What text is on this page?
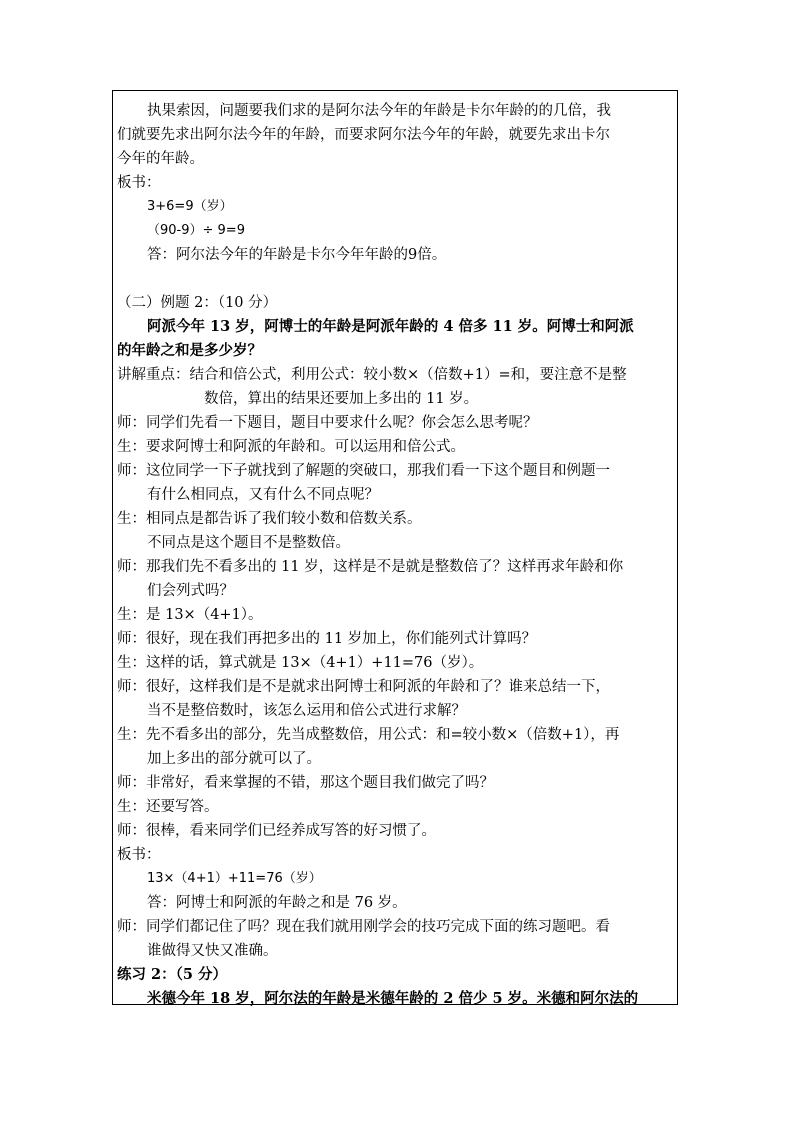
执果索因，问题要我们求的是阿尔法今年的年龄是卡尔年龄的的几倍，我
们就要先求出阿尔法今年的年龄，而要求阿尔法今年的年龄，就要先求出卡尔
今年的年龄。
板书：
3+6=9（岁）
（90-9）÷ 9=9
答：阿尔法今年的年龄是卡尔今年年龄的9倍。
（二）例题 2：（10 分）
阿派今年 13 岁，阿博士的年龄是阿派年龄的 4 倍多 11 岁。阿博士和阿派
的年龄之和是多少岁？
讲解重点：结合和倍公式，利用公式：较小数×（倍数+1）=和，要注意不是整
数倍，算出的结果还要加上多出的 11 岁。
师：同学们先看一下题目，题目中要求什么呢？你会怎么思考呢？
生：要求阿博士和阿派的年龄和。可以运用和倍公式。
师：这位同学一下子就找到了解题的突破口，那我们看一下这个题目和例题一
有什么相同点，又有什么不同点呢？
生：相同点是都告诉了我们较小数和倍数关系。
不同点是这个题目不是整数倍。
师：那我们先不看多出的 11 岁，这样是不是就是整数倍了？这样再求年龄和你
们会列式吗？
生：是 13×（4+1）。
师：很好，现在我们再把多出的 11 岁加上，你们能列式计算吗？
生：这样的话，算式就是 13×（4+1）+11=76（岁）。
师：很好，这样我们是不是就求出阿博士和阿派的年龄和了？谁来总结一下，
当不是整倍数时，该怎么运用和倍公式进行求解？
生：先不看多出的部分，先当成整数倍，用公式：和=较小数×（倍数+1），再
加上多出的部分就可以了。
师：非常好，看来掌握的不错，那这个题目我们做完了吗？
生：还要写答。
师：很棒，看来同学们已经养成写答的好习惯了。
板书：
13×（4+1）+11=76（岁）
答：阿博士和阿派的年龄之和是 76 岁。
师：同学们都记住了吗？现在我们就用刚学会的技巧完成下面的练习题吧。看
谁做得又快又准确。
练习 2：（5 分）
米德今年 18 岁，阿尔法的年龄是米德年龄的 2 倍少 5 岁。米德和阿尔法的
